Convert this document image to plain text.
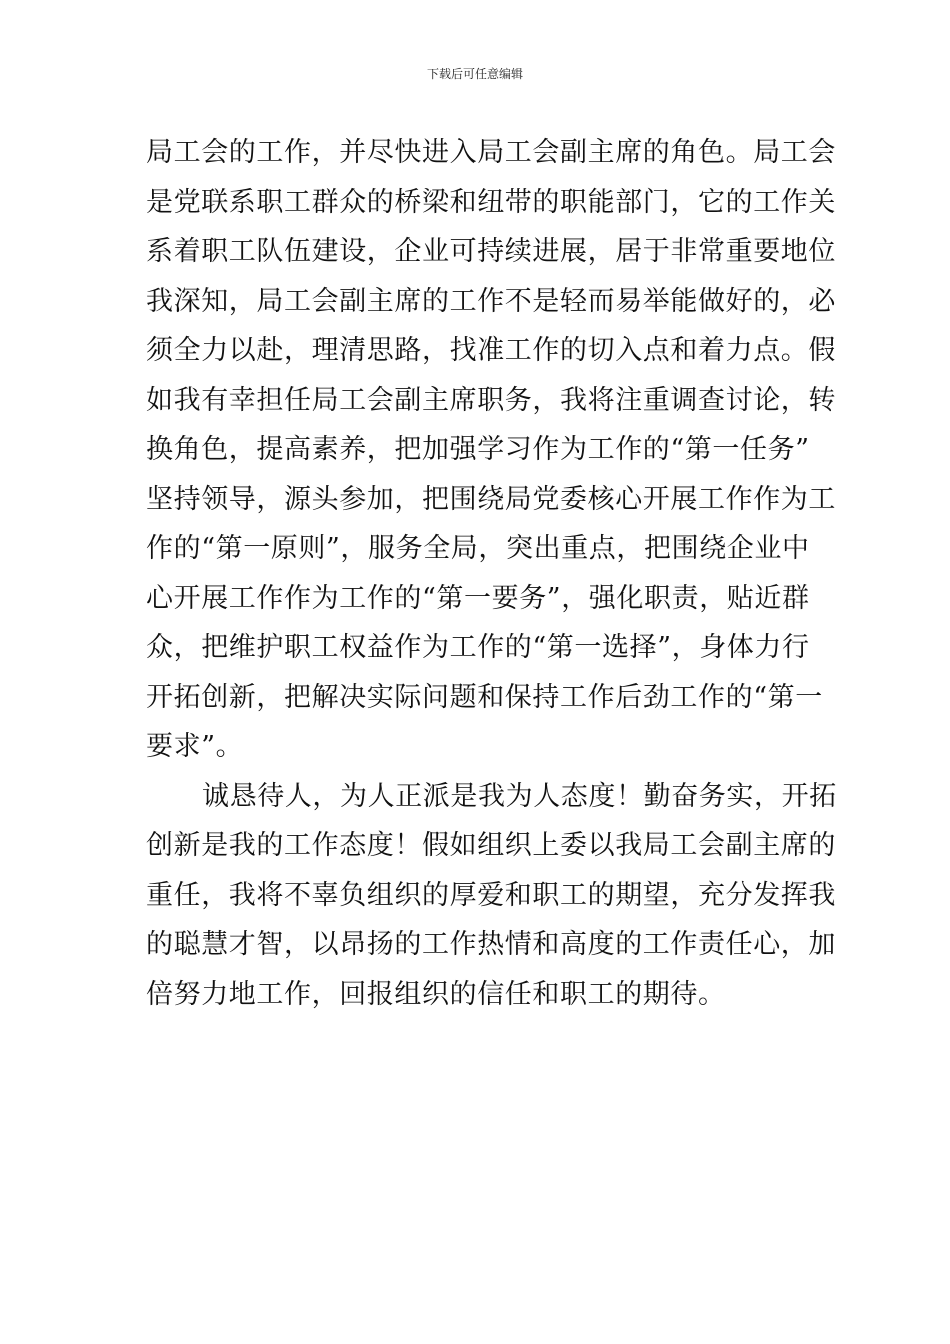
下载后可任意编辑
局工会的工作，并尽快进入局工会副主席的角色。局工会
是党联系职工群众的桥梁和纽带的职能部门，它的工作关
系着职工队伍建设，企业可持续进展，居于非常重要地位
我深知，局工会副主席的工作不是轻而易举能做好的，必
须全力以赴，理清思路，找准工作的切入点和着力点。假
如我有幸担任局工会副主席职务，我将注重调查讨论，转
换角色，提高素养，把加强学习作为工作的“第一任务”
坚持领导，源头参加，把围绕局党委核心开展工作作为工
作的“第一原则”，服务全局，突出重点，把围绕企业中
心开展工作作为工作的“第一要务”，强化职责，贴近群
众，把维护职工权益作为工作的“第一选择”，身体力行
开拓创新，把解决实际问题和保持工作后劲工作的“第一
要求”。
诚恳待人，为人正派是我为人态度！勤奋务实，开拓
创新是我的工作态度！假如组织上委以我局工会副主席的
重任，我将不辜负组织的厚爱和职工的期望，充分发挥我
的聪慧才智，以昂扬的工作热情和高度的工作责任心，加
倍努力地工作，回报组织的信任和职工的期待。
